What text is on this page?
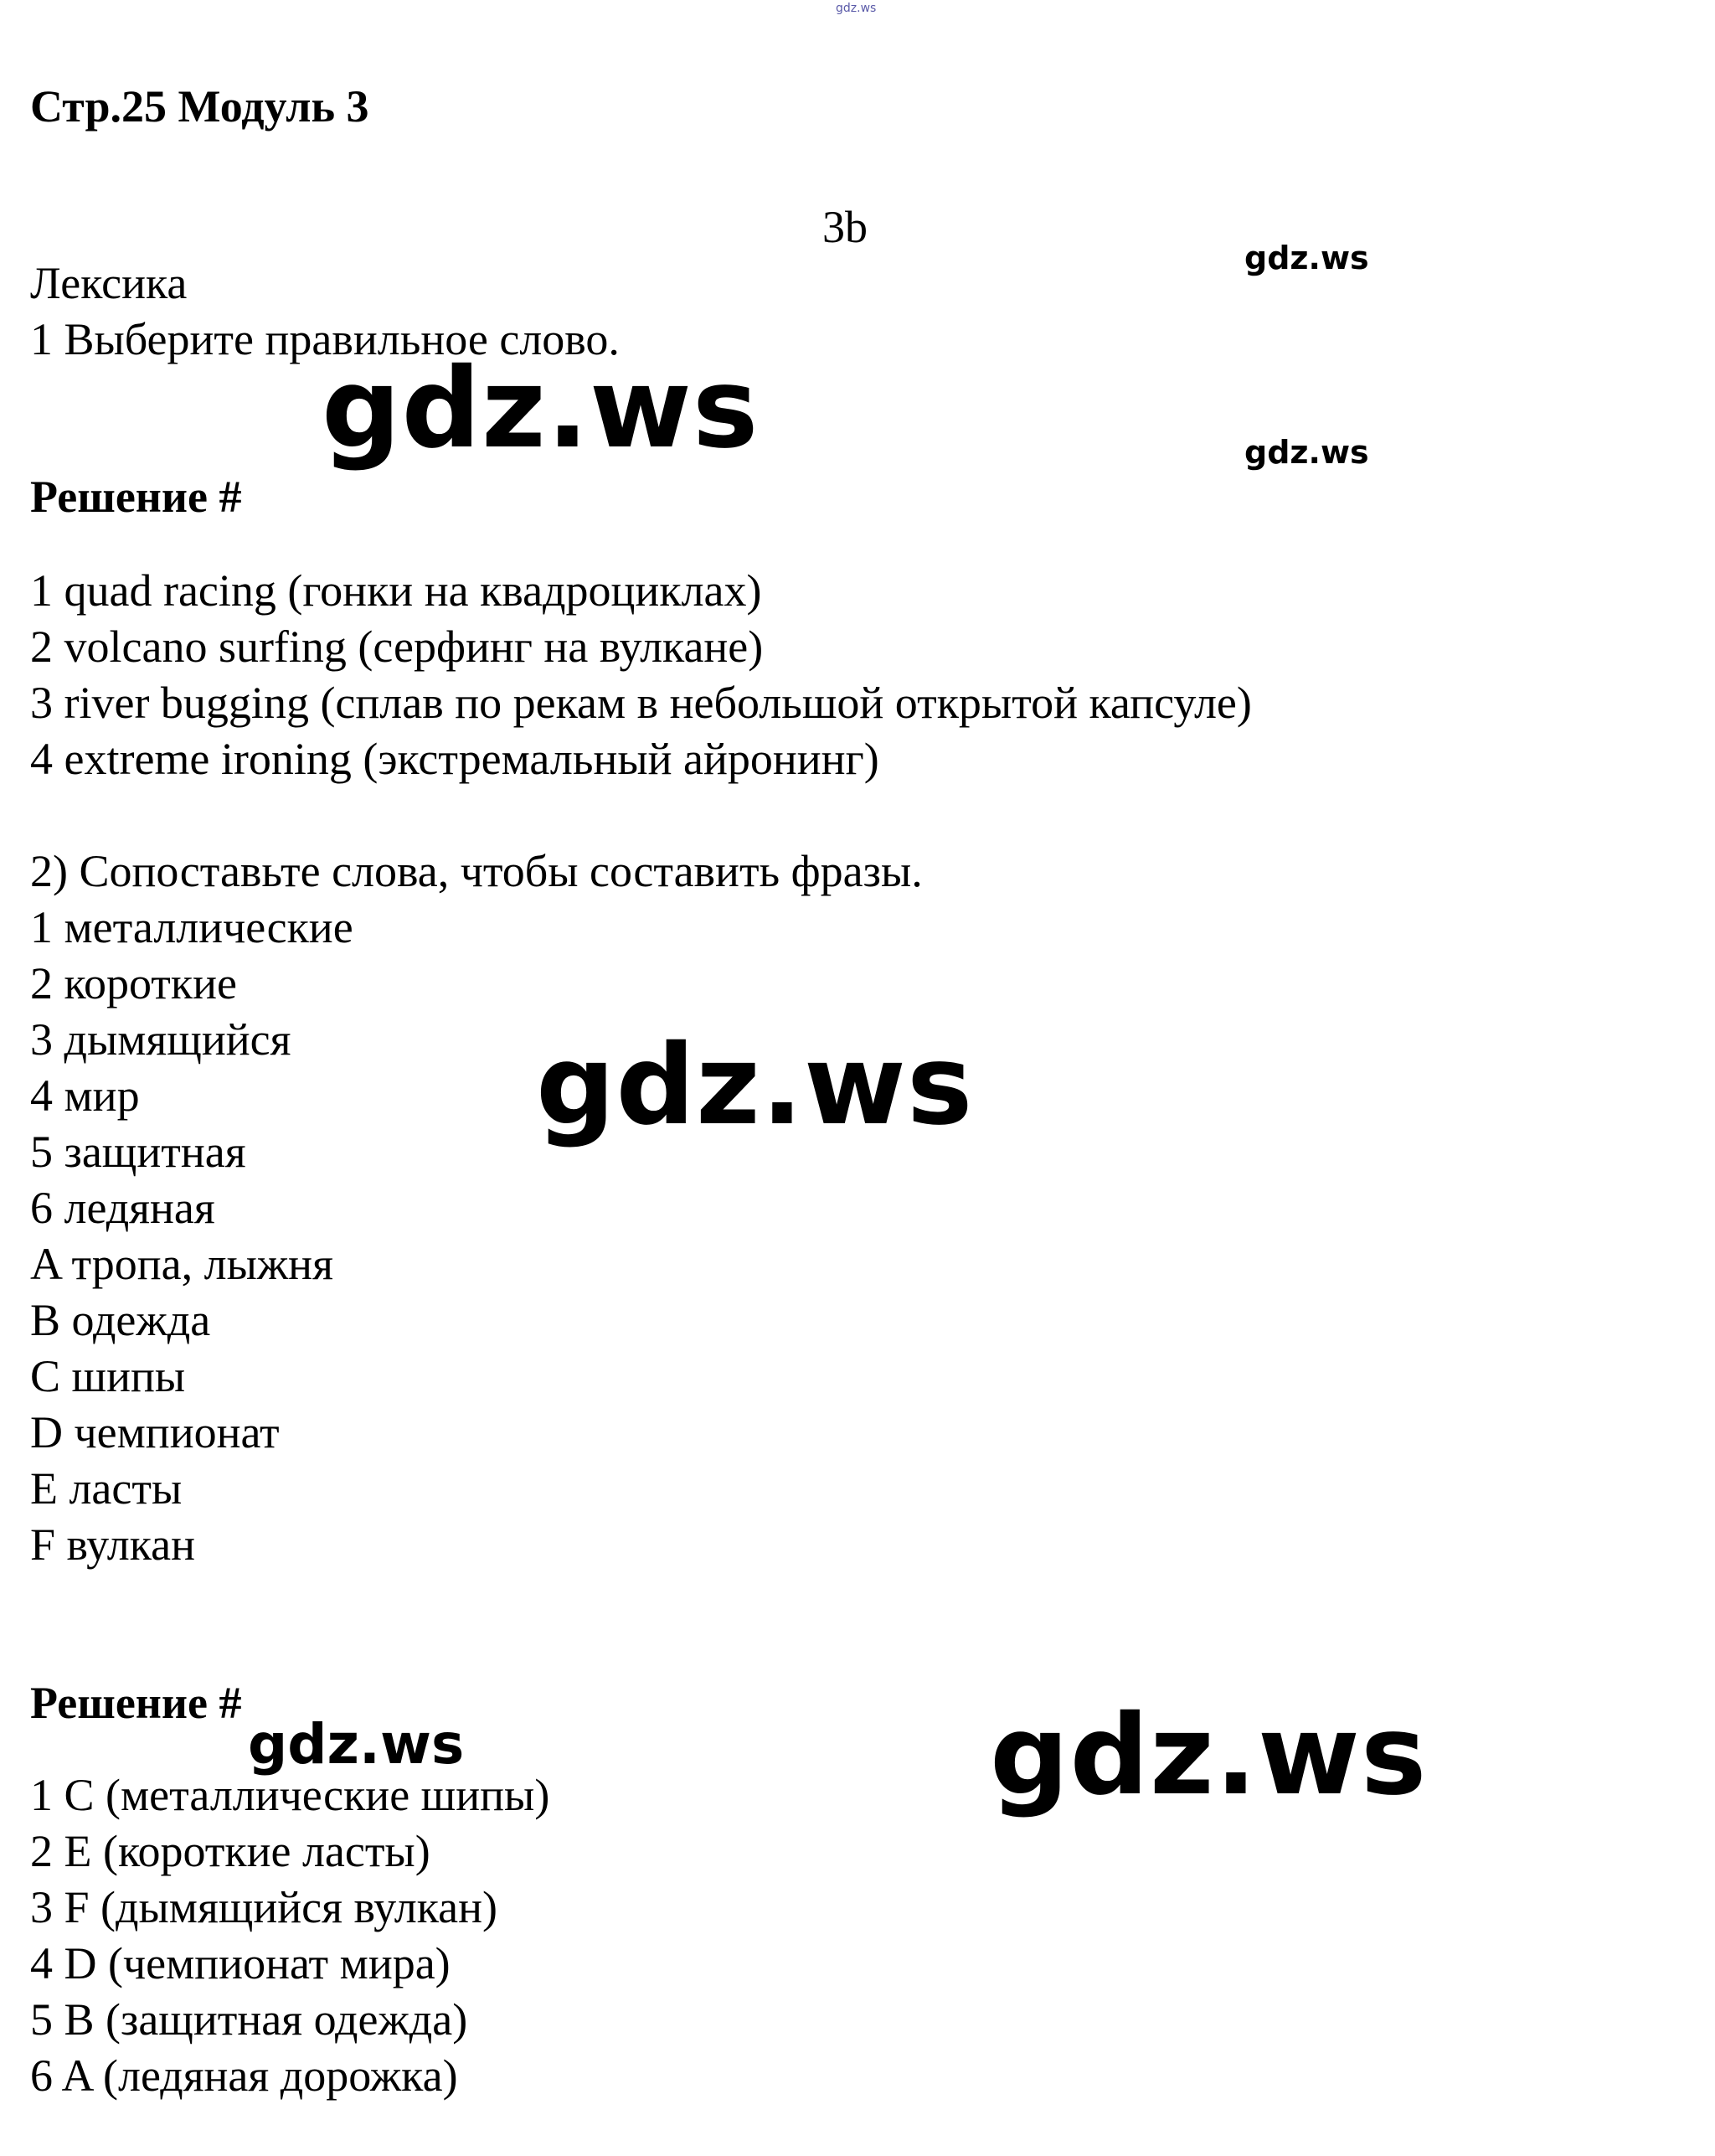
gdz.ws
Стр.25 Модуль 3
3b
gdz.ws
gdz.ws
Лексика
1 Выберите правильное слово.
gdz.ws
Решение #
1 quad racing (гонки на квадроциклах)
2 volcano surfing (серфинг на вулкане)
3 river bugging (сплав по рекам в небольшой открытой капсуле)
4 extreme ironing (экстремальный айронинг)
2) Сопоставьте слова, чтобы составить фразы.
1 металлические
2 короткие
3 дымящийся
4 мир
5 защитная
6 ледяная
A тропа, лыжня
B одежда
C шипы
D чемпионат
E ласты
F вулкан
gdz.ws
Решение #
gdz.ws	gdz.ws
1 C (металлические шипы)
2 E (короткие ласты)
3 F (дымящийся вулкан)
4 D (чемпионат мира)
5 B (защитная одежда)
6 A (ледяная дорожка)
